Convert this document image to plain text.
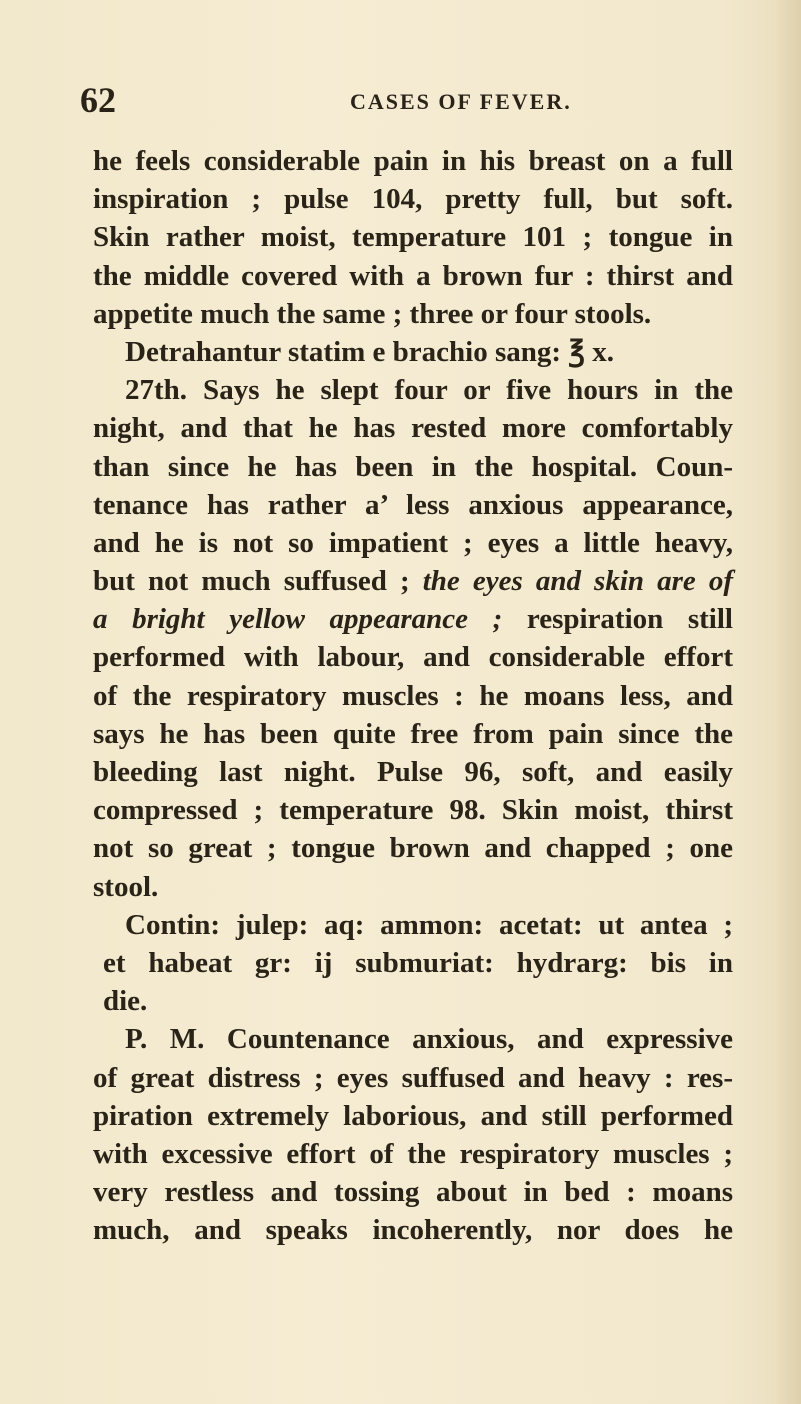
62	CASES OF FEVER.
he feels considerable pain in his breast on a full
inspiration ; pulse 104, pretty full, but soft.
Skin rather moist, temperature 101 ; tongue in
the middle covered with a brown fur : thirst and
appetite much the same ; three or four stools.
Detrahantur statim e brachio sang: ℥ x.
27th. Says he slept four or five hours in the
night, and that he has rested more comfortably
than since he has been in the hospital. Coun-
tenance has rather a’ less anxious appearance,
and he is not so impatient ; eyes a little heavy,
but not much suffused ; the eyes and skin are of
a bright yellow appearance ; respiration still
performed with labour, and considerable effort
of the respiratory muscles : he moans less, and
says he has been quite free from pain since the
bleeding last night. Pulse 96, soft, and easily
compressed ; temperature 98. Skin moist, thirst
not so great ; tongue brown and chapped ; one
stool.
Contin: julep: aq: ammon: acetat: ut antea ;
et habeat gr: ij submuriat: hydrarg: bis in
die.
P. M. Countenance anxious, and expressive
of great distress ; eyes suffused and heavy : res-
piration extremely laborious, and still performed
with excessive effort of the respiratory muscles ;
very restless and tossing about in bed : moans
much, and speaks incoherently, nor does he
